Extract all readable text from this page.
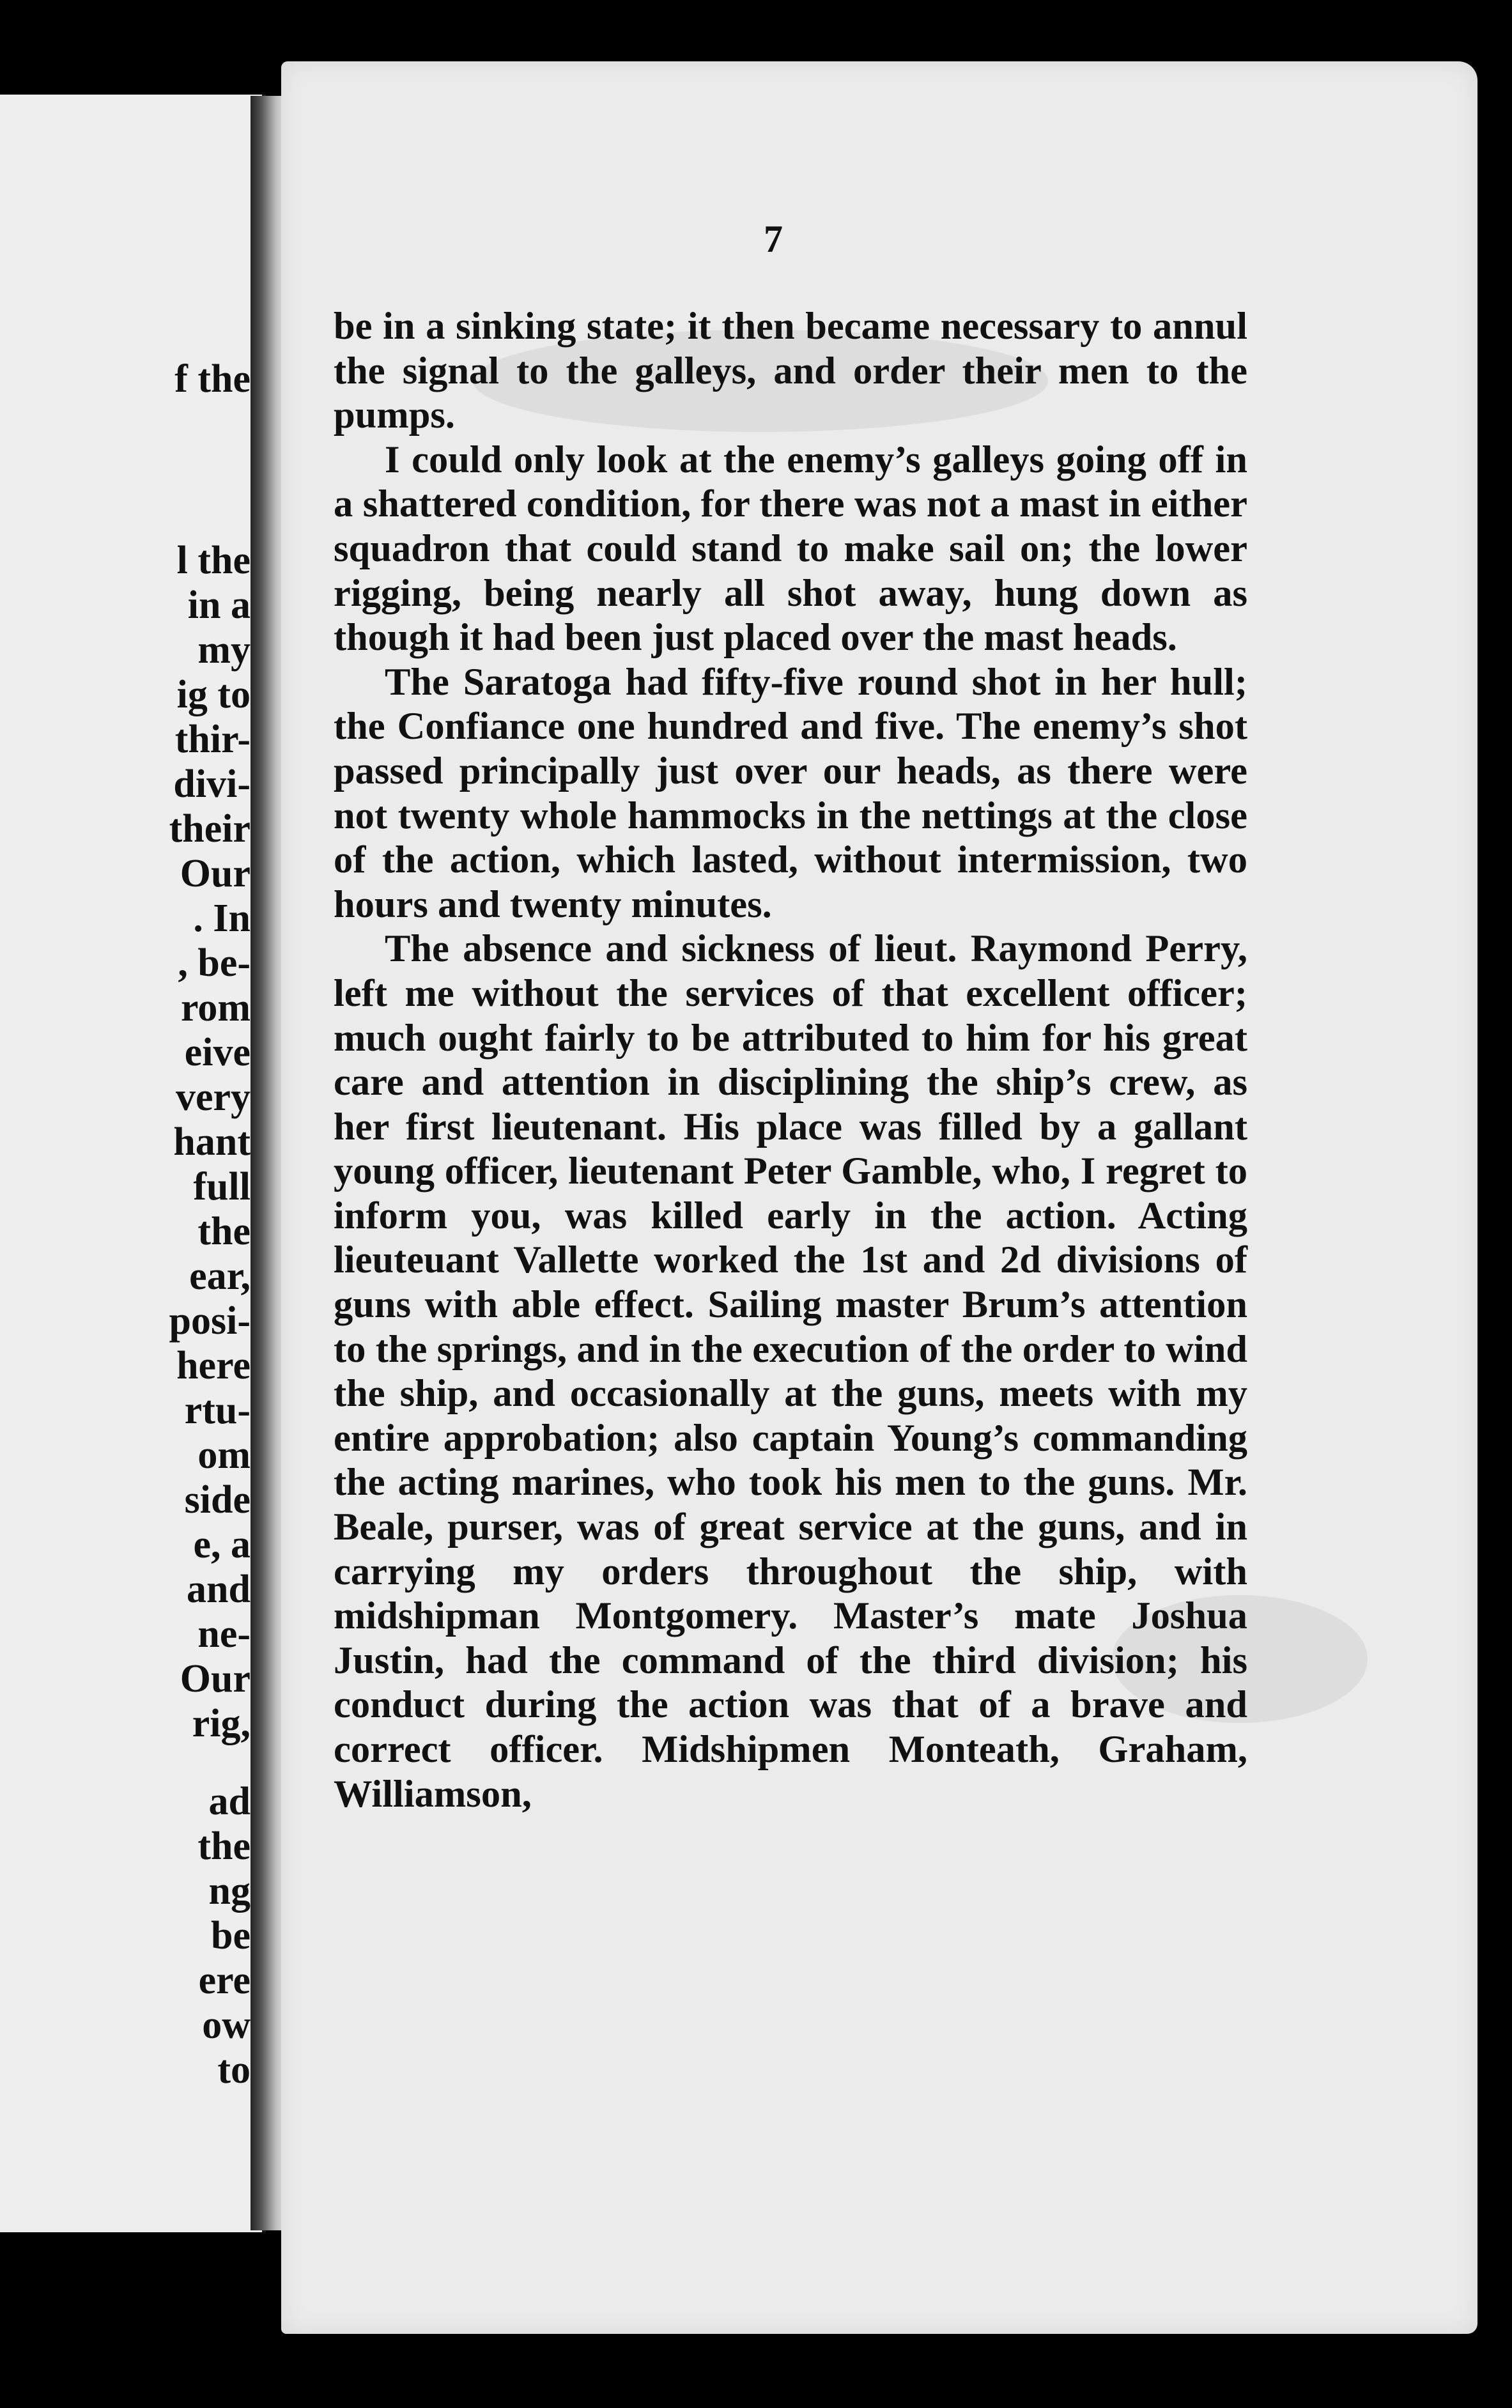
f the
l the
in a
my
ig to
thir-
divi-
their
Our
. In
, be-
rom
eive
very
hant
full
the
ear,
posi-
here
rtu-
om
side
e, a
and
ne-
Our
rig,
ad
the
ng
be
ere
ow
to
7

be in a sinking state; it then became necessary to annul the signal to the galleys, and order their men to the pumps.

I could only look at the enemy’s galleys going off in a shattered condition, for there was not a mast in either squadron that could stand to make sail on; the lower rigging, being nearly all shot away, hung down as though it had been just placed over the mast heads.

The Saratoga had fifty-five round shot in her hull; the Confiance one hundred and five. The enemy’s shot passed principally just over our heads, as there were not twenty whole hammocks in the nettings at the close of the action, which lasted, without intermission, two hours and twenty minutes.

The absence and sickness of lieut. Raymond Perry, left me without the services of that excellent officer; much ought fairly to be attributed to him for his great care and attention in disciplining the ship’s crew, as her first lieutenant. His place was filled by a gallant young officer, lieutenant Peter Gamble, who, I regret to inform you, was killed early in the action. Acting lieuteuant Vallette worked the 1st and 2d divisions of guns with able effect. Sailing master Brum’s attention to the springs, and in the execution of the order to wind the ship, and occasionally at the guns, meets with my entire approbation; also captain Young’s commanding the acting marines, who took his men to the guns. Mr. Beale, purser, was of great service at the guns, and in carrying my orders throughout the ship, with midshipman Montgomery. Master’s mate Joshua Justin, had the command of the third division; his conduct during the action was that of a brave and correct officer. Midshipmen Monteath, Graham, Williamson,
